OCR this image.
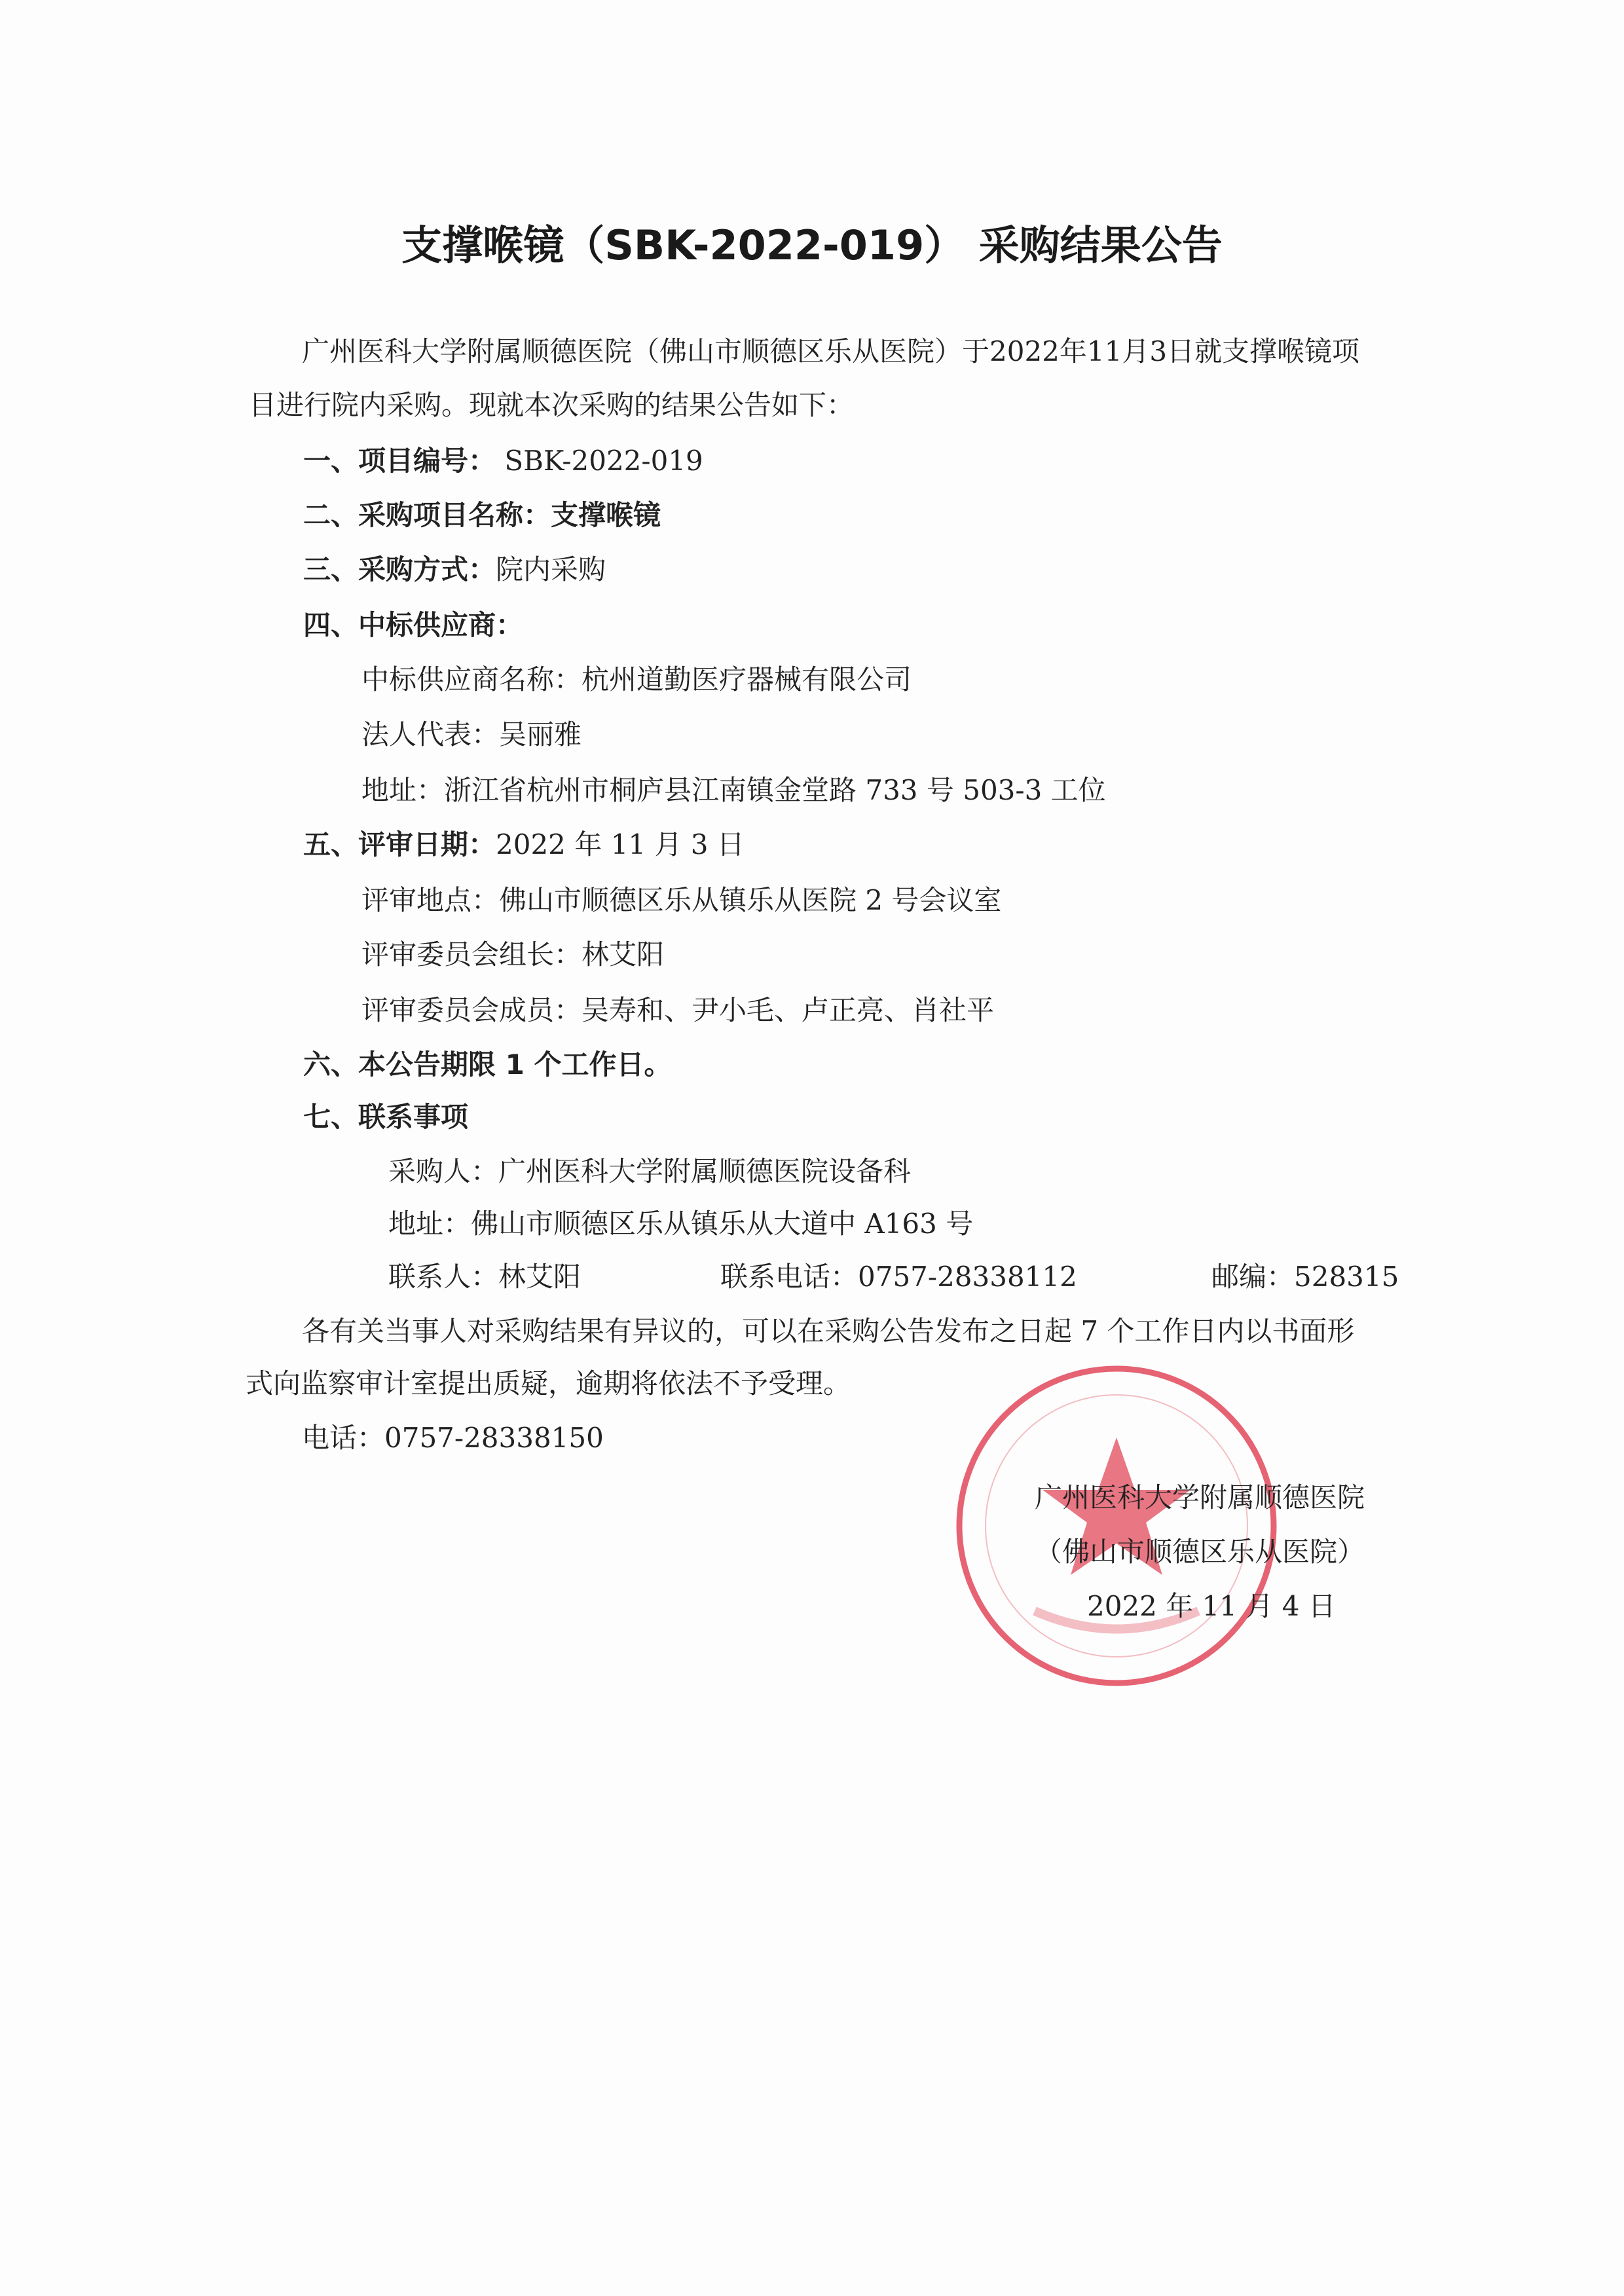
支撑喉镜（SBK-2022-019） 采购结果公告
广州医科大学附属顺德医院（佛山市顺德区乐从医院）于2022年11月3日就支撑喉镜项
目进行院内采购。现就本次采购的结果公告如下：
一、项目编号： SBK-2022-019
二、采购项目名称：支撑喉镜
三、采购方式：院内采购
四、中标供应商：
中标供应商名称：杭州道勤医疗器械有限公司
法人代表：吴丽雅
地址：浙江省杭州市桐庐县江南镇金堂路 733 号 503-3 工位
五、评审日期：2022 年 11 月 3 日
评审地点：佛山市顺德区乐从镇乐从医院 2 号会议室
评审委员会组长：林艾阳
评审委员会成员：吴寿和、尹小毛、卢正亮、肖社平
六、本公告期限 1 个工作日。
七、联系事项
采购人：广州医科大学附属顺德医院设备科
地址：佛山市顺德区乐从镇乐从大道中 A163 号
联系人：林艾阳	联系电话：0757-28338112	邮编：528315
各有关当事人对采购结果有异议的，可以在采购公告发布之日起 7 个工作日内以书面形
式向监察审计室提出质疑，逾期将依法不予受理。
电话：0757-28338150
广州医科大学附属顺德医院
（佛山市顺德区乐从医院）
2022 年 11 月 4 日
